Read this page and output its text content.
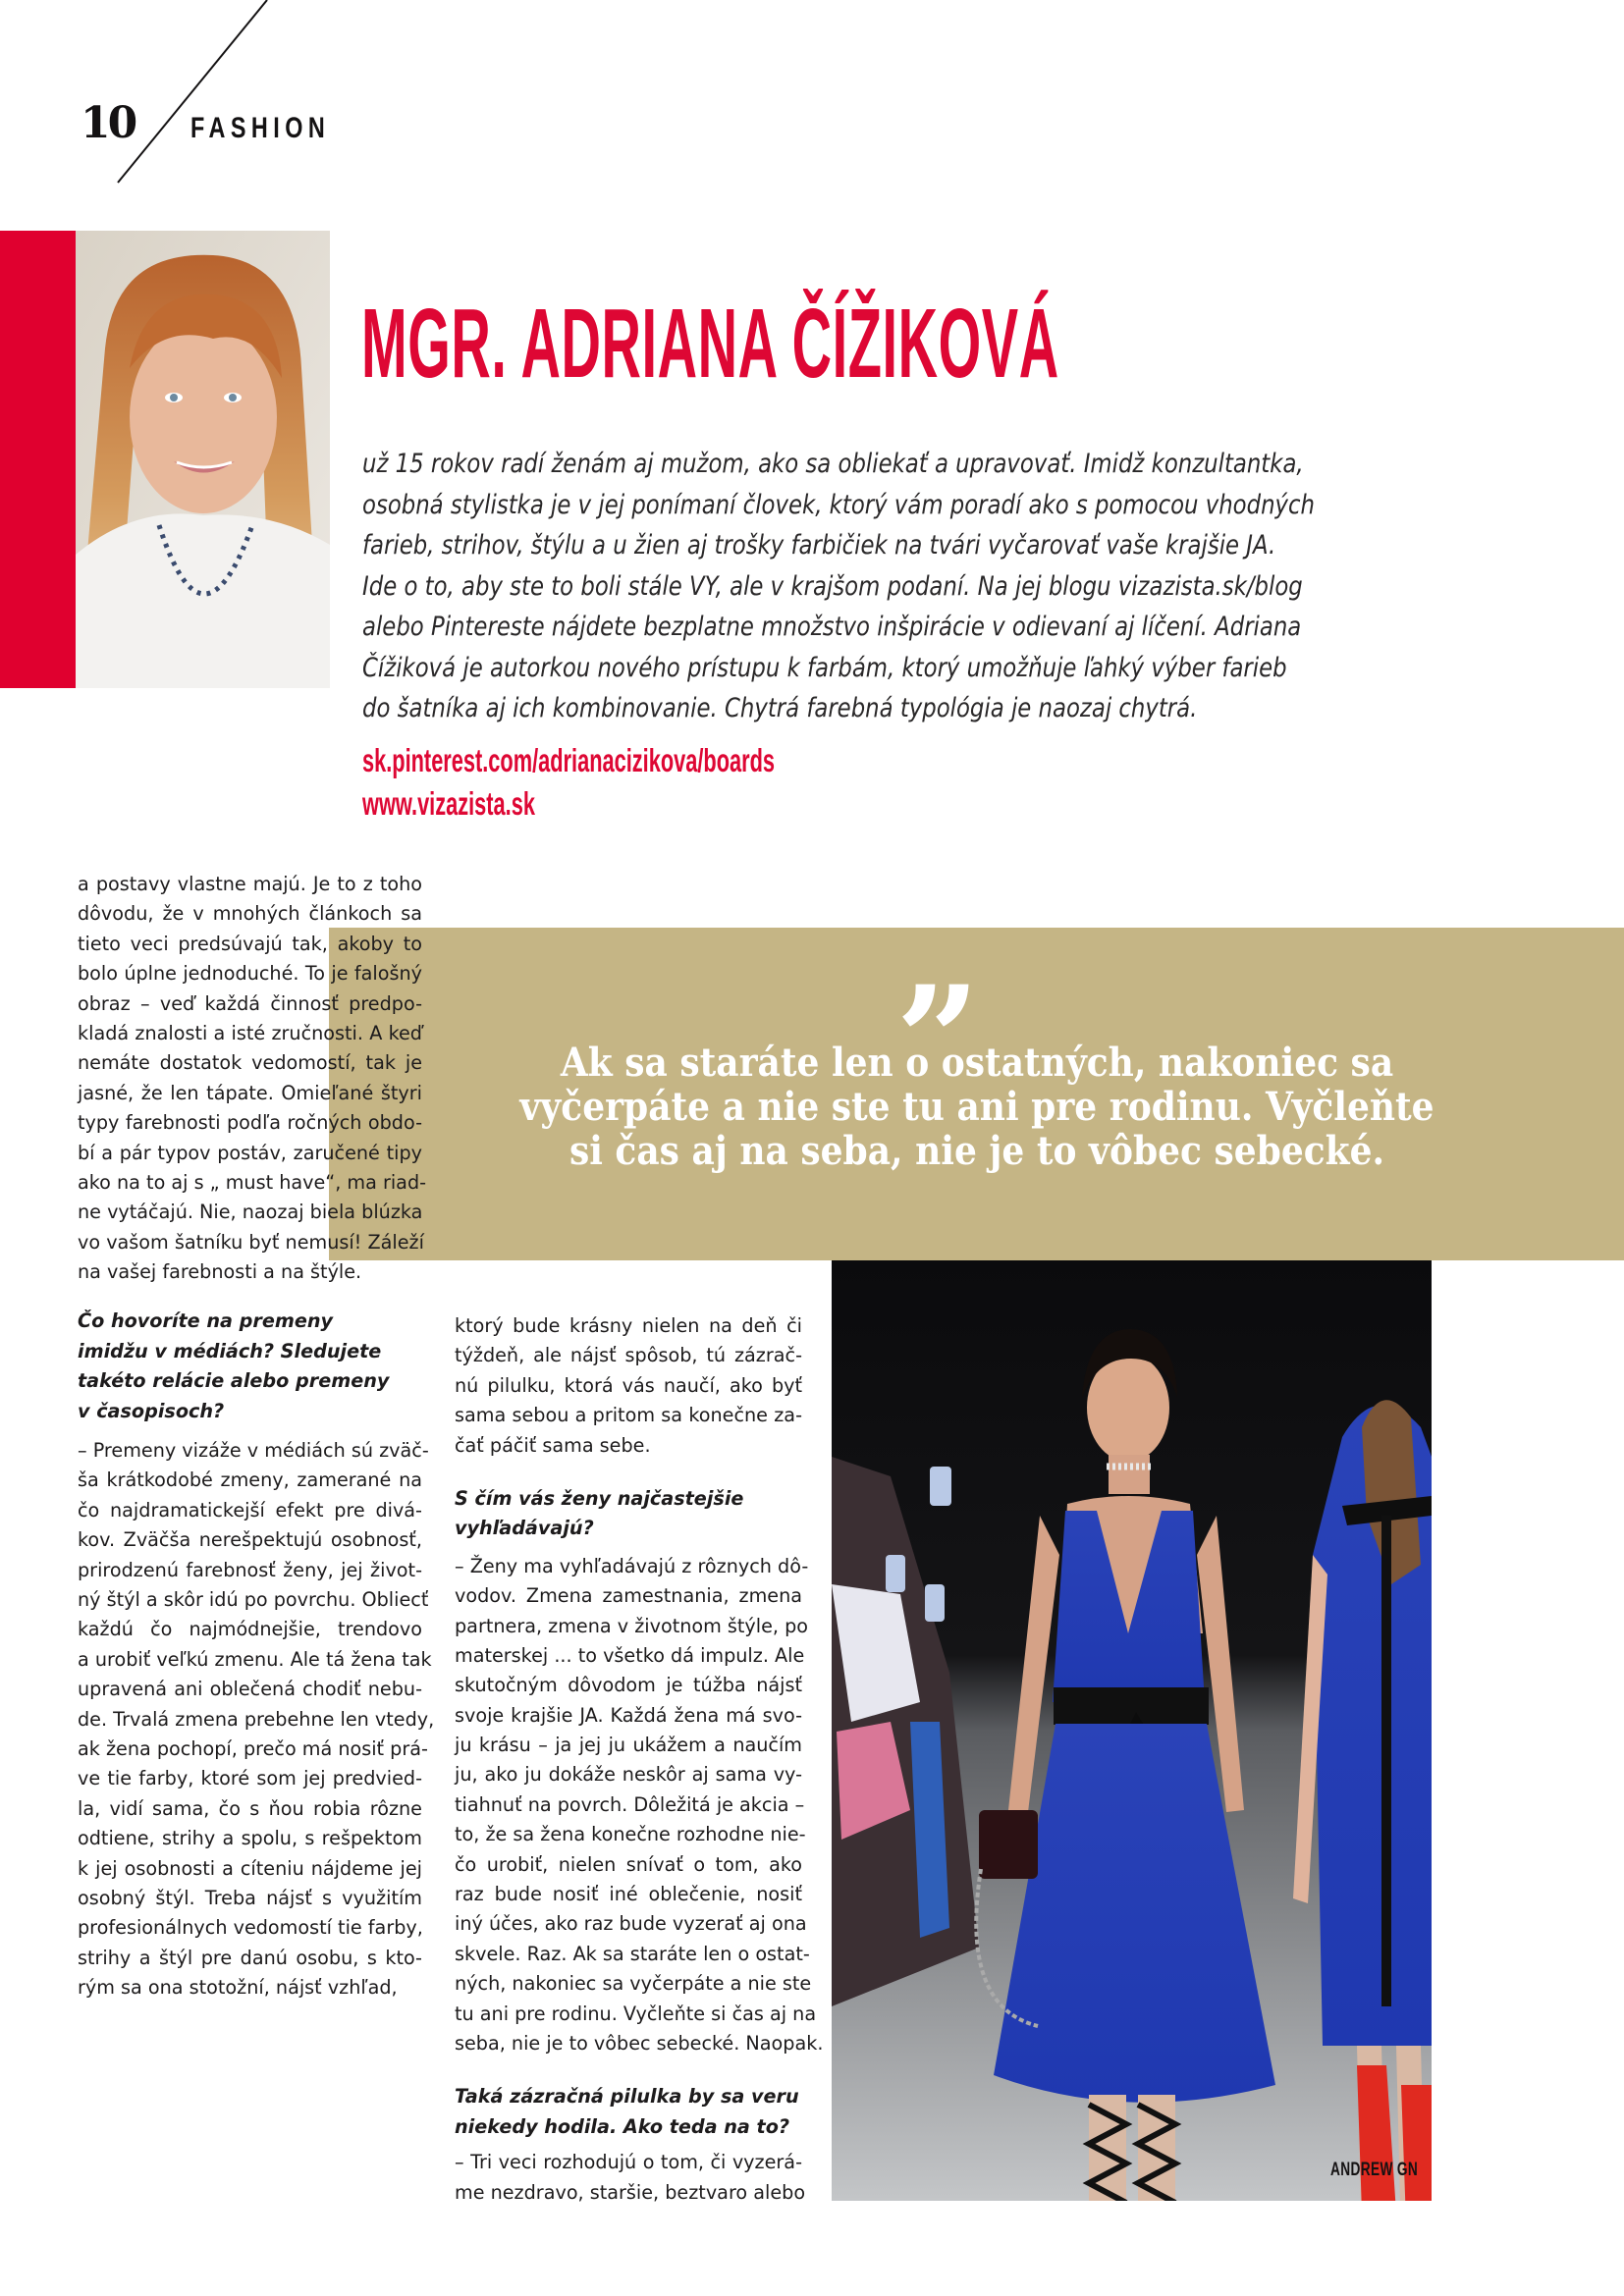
10 FASHION
MGR. ADRIANA ČÍŽIKOVÁ
už 15 rokov radí ženám aj mužom, ako sa obliekať a upravovať. Imidž konzultantka,
osobná stylistka je v jej ponímaní človek, ktorý vám poradí ako s pomocou vhodných
farieb, strihov, štýlu a u žien aj trošky farbičiek na tvári vyčarovať vaše krajšie JA.
Ide o to, aby ste to boli stále VY, ale v krajšom podaní. Na jej blogu vizazista.sk/blog
alebo Pintereste nájdete bezplatne množstvo inšpirácie v odievaní aj líčení. Adriana
Čížiková je autorkou nového prístupu k farbám, ktorý umožňuje ľahký výber farieb
do šatníka aj ich kombinovanie. Chytrá farebná typológia je naozaj chytrá.
sk.pinterest.com/adrianacizikova/boards
www.vizazista.sk
”
Ak sa staráte len o ostatných, nakoniec sa
vyčerpáte a nie ste tu ani pre rodinu. Vyčleňte
si čas aj na seba, nie je to vôbec sebecké.
a postavy vlastne majú. Je to z toho
dôvodu, že v mnohých článkoch sa
tieto veci predsúvajú tak, akoby to
bolo úplne jednoduché. To je falošný
obraz – veď každá činnosť predpo-
kladá znalosti a isté zručnosti. A keď
nemáte dostatok vedomostí, tak je
jasné, že len tápate. Omieľané štyri
typy farebnosti podľa ročných obdo-
bí a pár typov postáv, zaručené tipy
ako na to aj s „ must have“, ma riad-
ne vytáčajú. Nie, naozaj biela blúzka
vo vašom šatníku byť nemusí! Záleží
na vašej farebnosti a na štýle.
Čo hovoríte na premeny
imidžu v médiách? Sledujete
takéto relácie alebo premeny
v časopisoch?
– Premeny vizáže v médiách sú zväč-
ša krátkodobé zmeny, zamerané na
čo najdramatickejší efekt pre divá-
kov. Zväčša nerešpektujú osobnosť,
prirodzenú farebnosť ženy, jej život-
ný štýl a skôr idú po povrchu. Oblieсť
každú čo najmódnejšie, trendovo
a urobiť veľkú zmenu. Ale tá žena tak
upravená ani oblečená chodiť nebu-
de. Trvalá zmena prebehne len vtedy,
ak žena pochopí, prečo má nosiť prá-
ve tie farby, ktoré som jej predvied-
la, vidí sama, čo s ňou robia rôzne
odtiene, strihy a spolu, s rešpektom
k jej osobnosti a cíteniu nájdeme jej
osobný štýl. Treba nájsť s využitím
profesionálnych vedomostí tie farby,
strihy a štýl pre danú osobu, s kto-
rým sa ona stotožní, nájsť vzhľad,
ktorý bude krásny nielen na deň či
týždeň, ale nájsť spôsob, tú zázrač-
nú pilulku, ktorá vás naučí, ako byť
sama sebou a pritom sa konečne za-
čať páčiť sama sebe.
S čím vás ženy najčastejšie
vyhľadávajú?
– Ženy ma vyhľadávajú z rôznych dô-
vodov. Zmena zamestnania, zmena
partnera, zmena v životnom štýle, po
materskej ... to všetko dá impulz. Ale
skutočným dôvodom je túžba nájsť
svoje krajšie JA. Každá žena má svo-
ju krásu – ja jej ju ukážem a naučím
ju, ako ju dokáže neskôr aj sama vy-
tiahnuť na povrch. Dôležitá je akcia –
to, že sa žena konečne rozhodne nie-
čo urobiť, nielen snívať o tom, ako
raz bude nosiť iné oblečenie, nosiť
iný účes, ako raz bude vyzerať aj ona
skvele. Raz. Ak sa staráte len o ostat-
ných, nakoniec sa vyčerpáte a nie ste
tu ani pre rodinu. Vyčleňte si čas aj na
seba, nie je to vôbec sebecké. Naopak.
Taká zázračná pilulka by sa veru
niekedy hodila. Ako teda na to?
– Tri veci rozhodujú o tom, či vyzerá-
me nezdravo, staršie, beztvaro alebo
ANDREW GN
